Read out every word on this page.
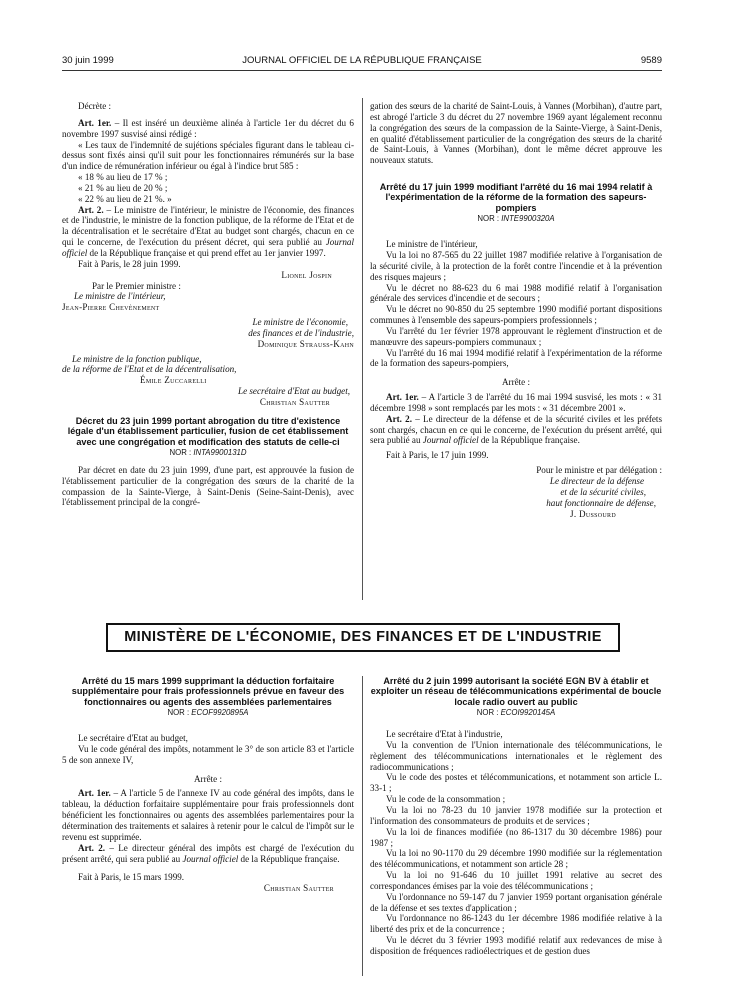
30 juin 1999	JOURNAL OFFICIEL DE LA RÉPUBLIQUE FRANÇAISE	9589

Décrète :

Art. 1er. – Il est inséré un deuxième alinéa à l'article 1er du décret du 6 novembre 1997 susvisé ainsi rédigé :

« Les taux de l'indemnité de sujétions spéciales figurant dans le tableau ci-dessus sont fixés ainsi qu'il suit pour les fonctionnaires rémunérés sur la base d'un indice de rémunération inférieur ou égal à l'indice brut 585 :

« 18 % au lieu de 17 % ;

« 21 % au lieu de 20 % ;

« 22 % au lieu de 21 %. »

Art. 2. – Le ministre de l'intérieur, le ministre de l'économie, des finances et de l'industrie, le ministre de la fonction publique, de la réforme de l'Etat et de la décentralisation et le secrétaire d'Etat au budget sont chargés, chacun en ce qui le concerne, de l'exécution du présent décret, qui sera publié au Journal officiel de la République française et qui prend effet au 1er janvier 1997.

Fait à Paris, le 28 juin 1999.

Lionel Jospin

Par le Premier ministre :

Le ministre de l'intérieur,

Jean-Pierre Chevènement

Le ministre de l'économie,

des finances et de l'industrie,

Dominique Strauss-Kahn

Le ministre de la fonction publique,

de la réforme de l'Etat et de la décentralisation,

Émile Zuccarelli

Le secrétaire d'Etat au budget,

Christian Sautter

Décret du 23 juin 1999 portant abrogation du titre d'existence légale d'un établissement particulier, fusion de cet établissement avec une congrégation et modification des statuts de celle-ci

NOR : INTA9900131D

Par décret en date du 23 juin 1999, d'une part, est approuvée la fusion de l'établissement particulier de la congrégation des sœurs de la charité de la compassion de la Sainte-Vierge, à Saint-Denis (Seine-Saint-Denis), avec l'établissement principal de la congré-

gation des sœurs de la charité de Saint-Louis, à Vannes (Morbihan), d'autre part, est abrogé l'article 3 du décret du 27 novembre 1969 ayant légalement reconnu la congrégation des sœurs de la compassion de la Sainte-Vierge, à Saint-Denis, en qualité d'établissement particulier de la congrégation des sœurs de la charité de Saint-Louis, à Vannes (Morbihan), dont le même décret approuve les nouveaux statuts.

Arrêté du 17 juin 1999 modifiant l'arrêté du 16 mai 1994 relatif à l'expérimentation de la réforme de la formation des sapeurs-pompiers

NOR : INTE9900320A

Le ministre de l'intérieur,

Vu la loi no 87-565 du 22 juillet 1987 modifiée relative à l'organisation de la sécurité civile, à la protection de la forêt contre l'incendie et à la prévention des risques majeurs ;

Vu le décret no 88-623 du 6 mai 1988 modifié relatif à l'organisation générale des services d'incendie et de secours ;

Vu le décret no 90-850 du 25 septembre 1990 modifié portant dispositions communes à l'ensemble des sapeurs-pompiers professionnels ;

Vu l'arrêté du 1er février 1978 approuvant le règlement d'instruction et de manœuvre des sapeurs-pompiers communaux ;

Vu l'arrêté du 16 mai 1994 modifié relatif à l'expérimentation de la réforme de la formation des sapeurs-pompiers,

Arrête :

Art. 1er. – A l'article 3 de l'arrêté du 16 mai 1994 susvisé, les mots : « 31 décembre 1998 » sont remplacés par les mots : « 31 décembre 2001 ».

Art. 2. – Le directeur de la défense et de la sécurité civiles et les préfets sont chargés, chacun en ce qui le concerne, de l'exécution du présent arrêté, qui sera publié au Journal officiel de la République française.

Fait à Paris, le 17 juin 1999.

Pour le ministre et par délégation :

Le directeur de la défense

et de la sécurité civiles,

haut fonctionnaire de défense,

J. Dussourd

MINISTÈRE DE L'ÉCONOMIE, DES FINANCES ET DE L'INDUSTRIE

Arrêté du 15 mars 1999 supprimant la déduction forfaitaire supplémentaire pour frais professionnels prévue en faveur des fonctionnaires ou agents des assemblées parlementaires

NOR : ECOF9920895A

Le secrétaire d'Etat au budget,

Vu le code général des impôts, notamment le 3° de son article 83 et l'article 5 de son annexe IV,

Arrête :

Art. 1er. – A l'article 5 de l'annexe IV au code général des impôts, dans le tableau, la déduction forfaitaire supplémentaire pour frais professionnels dont bénéficient les fonctionnaires ou agents des assemblées parlementaires pour la détermination des traitements et salaires à retenir pour le calcul de l'impôt sur le revenu est supprimée.

Art. 2. – Le directeur général des impôts est chargé de l'exécution du présent arrêté, qui sera publié au Journal officiel de la République française.

Fait à Paris, le 15 mars 1999.

Christian Sautter

Arrêté du 2 juin 1999 autorisant la société EGN BV à établir et exploiter un réseau de télécommunications expérimental de boucle locale radio ouvert au public

NOR : ECOI9920145A

Le secrétaire d'Etat à l'industrie,

Vu la convention de l'Union internationale des télécommunications, le règlement des télécommunications internationales et le règlement des radiocommunications ;

Vu le code des postes et télécommunications, et notamment son article L. 33-1 ;

Vu le code de la consommation ;

Vu la loi no 78-23 du 10 janvier 1978 modifiée sur la protection et l'information des consommateurs de produits et de services ;

Vu la loi de finances modifiée (no 86-1317 du 30 décembre 1986) pour 1987 ;

Vu la loi no 90-1170 du 29 décembre 1990 modifiée sur la réglementation des télécommunications, et notamment son article 28 ;

Vu la loi no 91-646 du 10 juillet 1991 relative au secret des correspondances émises par la voie des télécommunications ;

Vu l'ordonnance no 59-147 du 7 janvier 1959 portant organisation générale de la défense et ses textes d'application ;

Vu l'ordonnance no 86-1243 du 1er décembre 1986 modifiée relative à la liberté des prix et de la concurrence ;

Vu le décret du 3 février 1993 modifié relatif aux redevances de mise à disposition de fréquences radioélectriques et de gestion dues
